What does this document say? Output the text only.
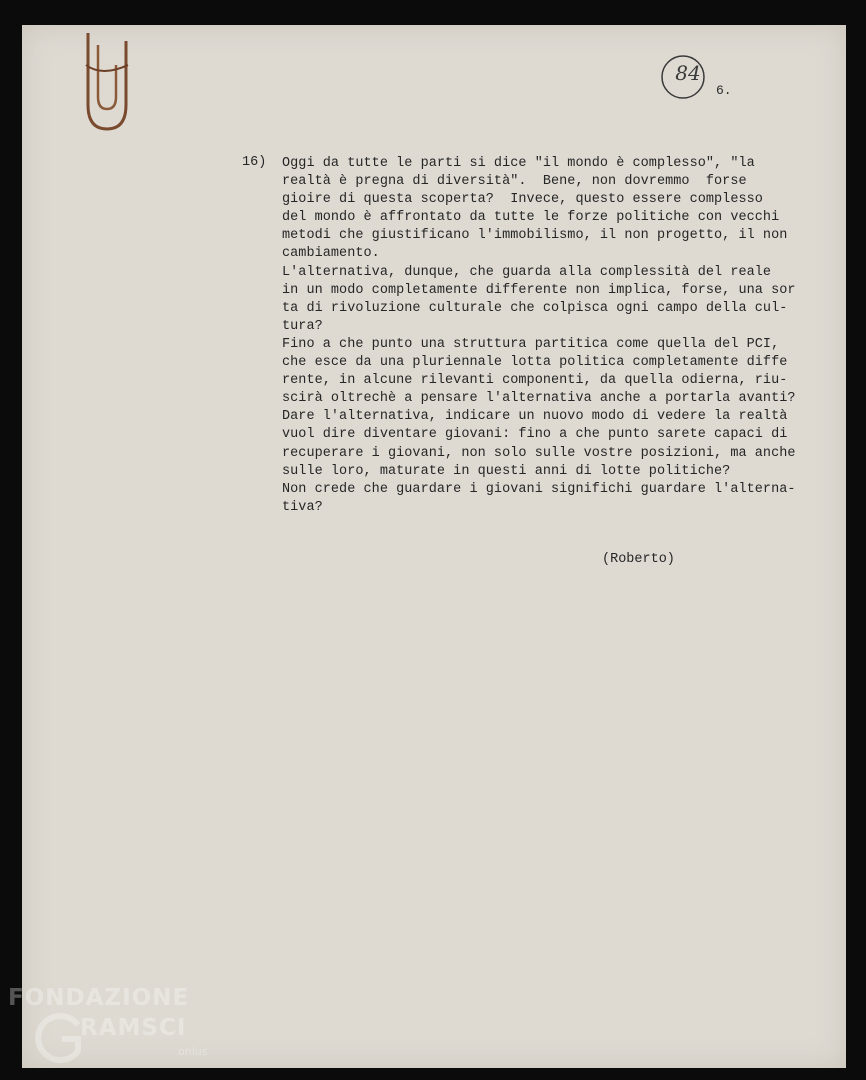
84
6.
16) Oggi da tutte le parti si dice "il mondo è complesso", "la
realtà è pregna di diversità".  Bene, non dovremmo  forse
gioire di questa scoperta?  Invece, questo essere complesso
del mondo è affrontato da tutte le forze politiche con vecchi
metodi che giustificano l'immobilismo, il non progetto, il non
cambiamento.
L'alternativa, dunque, che guarda alla complessità del reale
in un modo completamente differente non implica, forse, una sor
ta di rivoluzione culturale che colpisca ogni campo della cul-
tura?
Fino a che punto una struttura partitica come quella del PCI,
che esce da una pluriennale lotta politica completamente diffe
rente, in alcune rilevanti componenti, da quella odierna, riu-
scirà oltrechè a pensare l'alternativa anche a portarla avanti?
Dare l'alternativa, indicare un nuovo modo di vedere la realtà
vuol dire diventare giovani: fino a che punto sarete capaci di
recuperare i giovani, non solo sulle vostre posizioni, ma anche
sulle loro, maturate in questi anni di lotte politiche?
Non crede che guardare i giovani significhi guardare l'alterna-
tiva?
(Roberto)
FONDAZIONE
RAMSCI
onlus
